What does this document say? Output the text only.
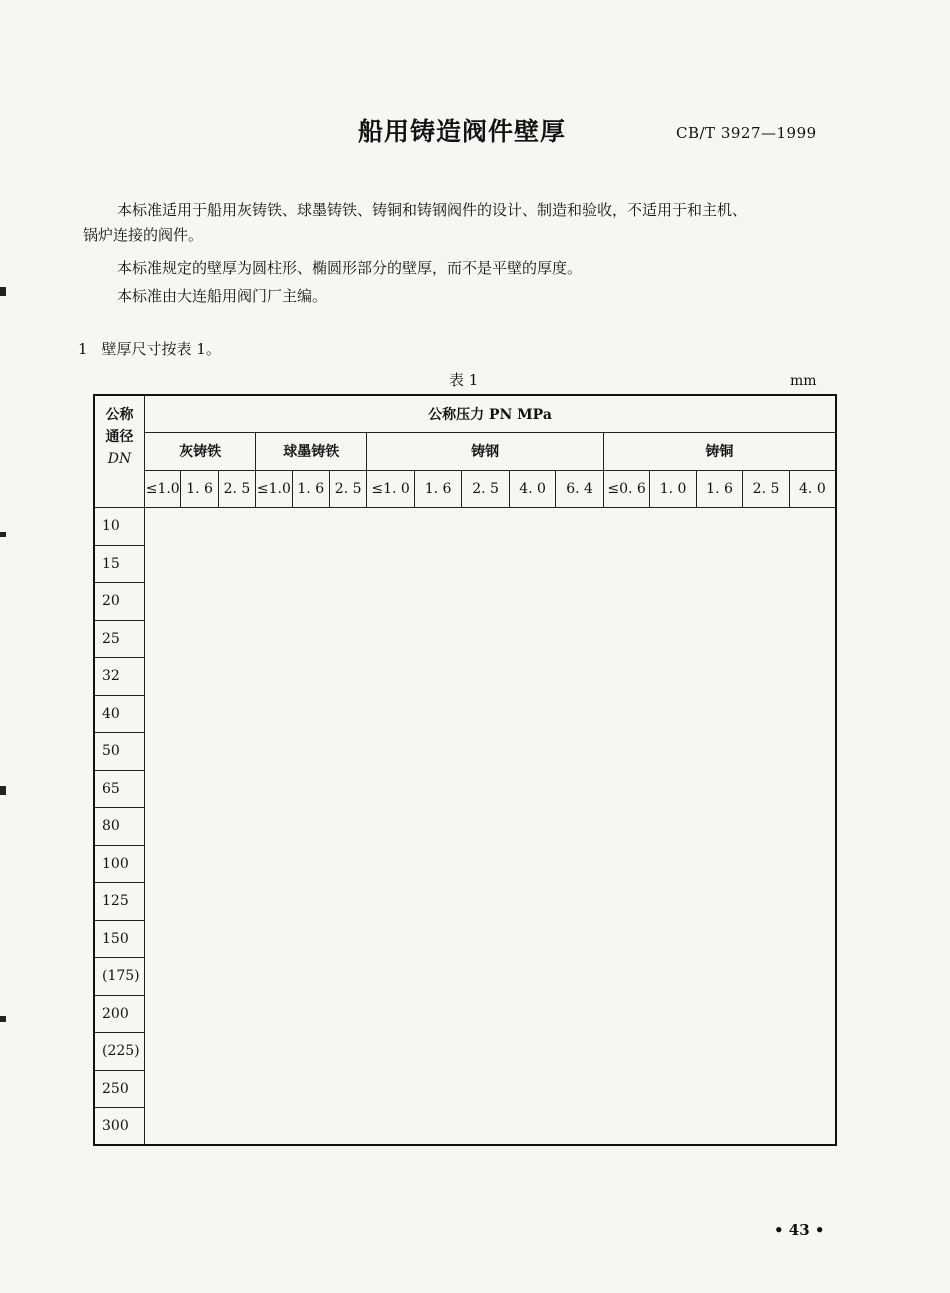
船用铸造阀件壁厚	CB/T 3927—1999
本标准适用于船用灰铸铁、球墨铸铁、铸铜和铸钢阀件的设计、制造和验收，不适用于和主机、
锅炉连接的阀件。
本标准规定的壁厚为圆柱形、椭圆形部分的壁厚，而不是平壁的厚度。
本标准由大连船用阀门厂主编。
1 壁厚尺寸按表 1。
表 1	mm
公称
通径
DN	公称压力 PN MPa															
	灰铸铁			球墨铸铁			铸钢					铸铜				
	≤1.0	1. 6	2. 5	≤1.0	1. 6	2. 5	≤1. 0	1. 6	2. 5	4. 0	6. 4	≤0. 6	1. 0	1. 6	2. 5	4. 0
10																
15																
20																
25																
32																
40																
50																
65																
80																
100																
125																
150																
(175)																
200																
(225)																
250																
300																
• 43 •
